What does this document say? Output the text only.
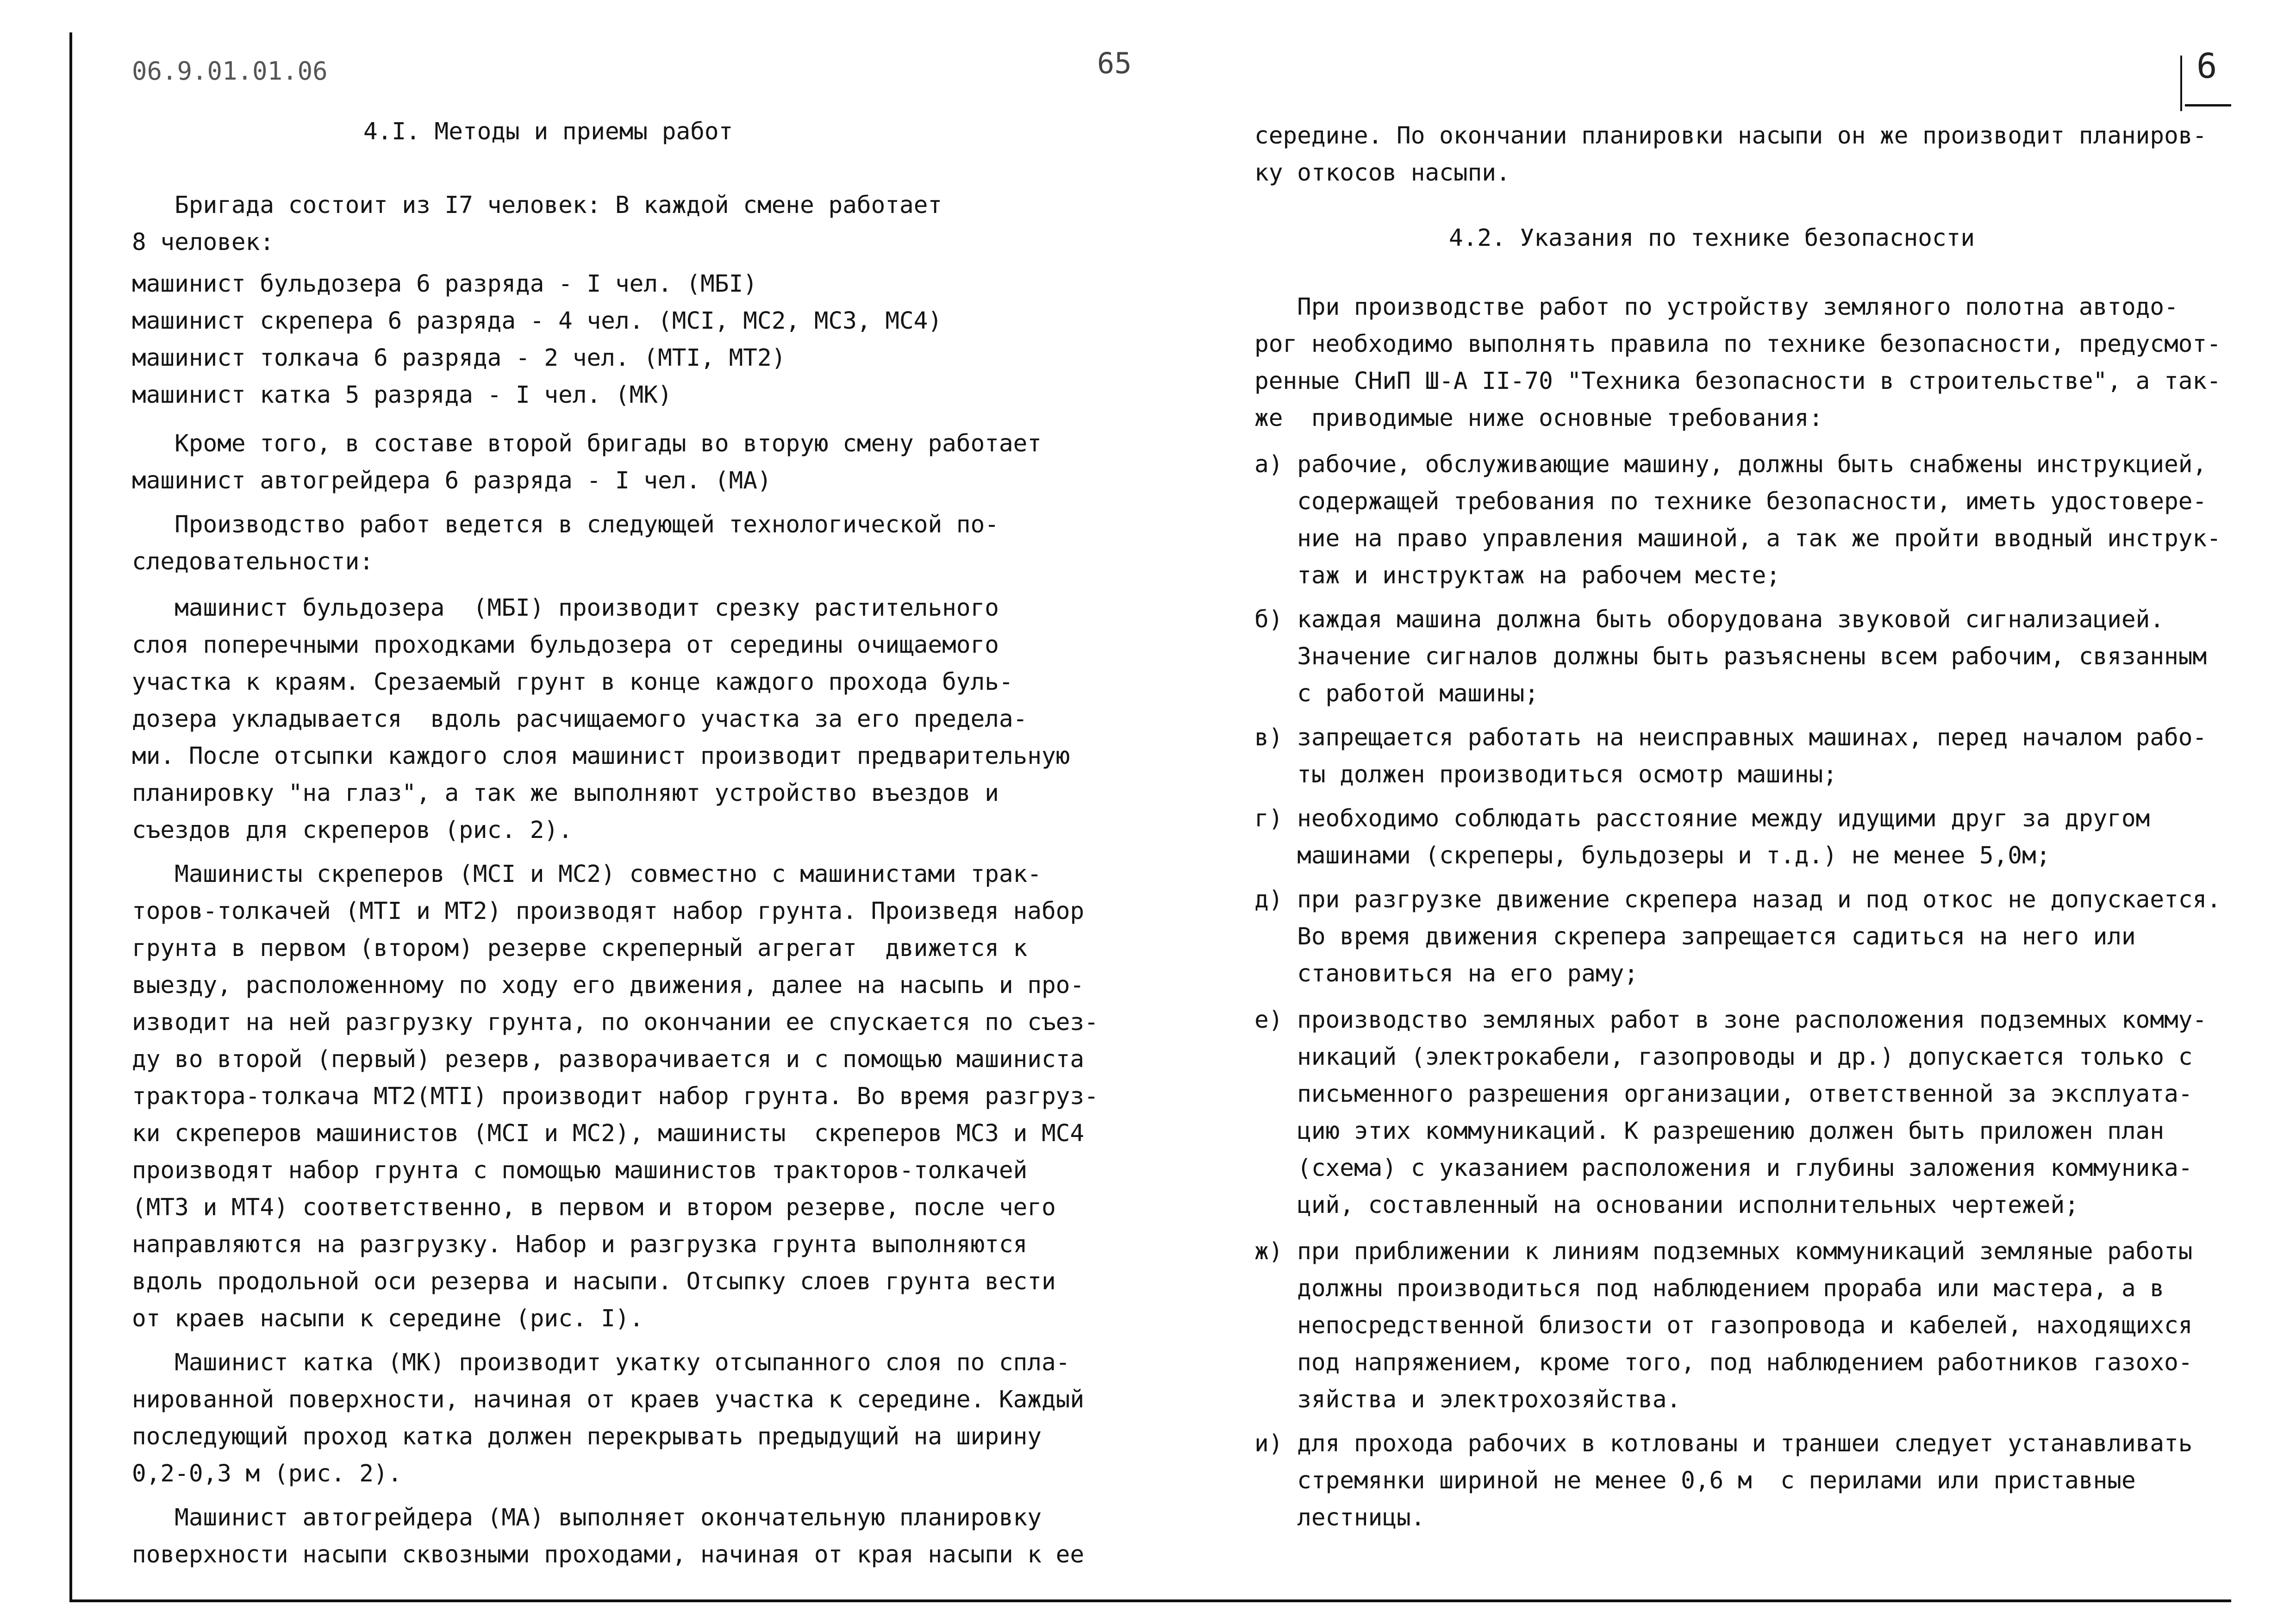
06.9.01.01.06	65	6
4.I. Методы и приемы работ
Бригада состоит из I7 человек: В каждой смене работает
8 человек:
машинист бульдозера 6 разряда - I чел. (МБI)
машинист скрепера 6 разряда - 4 чел. (МСI, МС2, МС3, МС4)
машинист толкача 6 разряда - 2 чел. (МТI, МТ2)
машинист катка 5 разряда - I чел. (МК)
Кроме того, в составе второй бригады во вторую смену работает
машинист автогрейдера 6 разряда - I чел. (МА)
Производство работ ведется в следующей технологической по-
следовательности:
машинист бульдозера  (МБI) производит срезку растительного
слоя поперечными проходками бульдозера от середины очищаемого
участка к краям. Срезаемый грунт в конце каждого прохода буль-
дозера укладывается  вдоль расчищаемого участка за его предела-
ми. После отсыпки каждого слоя машинист производит предварительную
планировку "на глаз", а так же выполняют устройство въездов и
съездов для скреперов (рис. 2).
Машинисты скреперов (МСI и МС2) совместно с машинистами трак-
торов-толкачей (МТI и МТ2) производят набор грунта. Произведя набор
грунта в первом (втором) резерве скреперный агрегат  движется к
выезду, расположенному по ходу его движения, далее на насыпь и про-
изводит на ней разгрузку грунта, по окончании ее спускается по съез-
ду во второй (первый) резерв, разворачивается и с помощью машиниста
трактора-толкача МТ2(МТI) производит набор грунта. Во время разгруз-
ки скреперов машинистов (МСI и МС2), машинисты  скреперов МС3 и МС4
производят набор грунта с помощью машинистов тракторов-толкачей
(МТ3 и МТ4) соответственно, в первом и втором резерве, после чего
направляются на разгрузку. Набор и разгрузка грунта выполняются
вдоль продольной оси резерва и насыпи. Отсыпку слоев грунта вести
от краев насыпи к середине (рис. I).
Машинист катка (МК) производит укатку отсыпанного слоя по спла-
нированной поверхности, начиная от краев участка к середине. Каждый
последующий проход катка должен перекрывать предыдущий на ширину
0,2-0,3 м (рис. 2).
Машинист автогрейдера (МА) выполняет окончательную планировку
поверхности насыпи сквозными проходами, начиная от края насыпи к ее
середине. По окончании планировки насыпи он же производит планиров-
ку откосов насыпи.
4.2. Указания по технике безопасности
При производстве работ по устройству земляного полотна автодо-
рог необходимо выполнять правила по технике безопасности, предусмот-
ренные СНиП Ш-А II-70 "Техника безопасности в строительстве", а так-
же  приводимые ниже основные требования:
а) рабочие, обслуживающие машину, должны быть снабжены инструкцией,
содержащей требования по технике безопасности, иметь удостовере-
ние на право управления машиной, а так же пройти вводный инструк-
таж и инструктаж на рабочем месте;
б) каждая машина должна быть оборудована звуковой сигнализацией.
Значение сигналов должны быть разъяснены всем рабочим, связанным
с работой машины;
в) запрещается работать на неисправных машинах, перед началом рабо-
ты должен производиться осмотр машины;
г) необходимо соблюдать расстояние между идущими друг за другом
машинами (скреперы, бульдозеры и т.д.) не менее 5,0м;
д) при разгрузке движение скрепера назад и под откос не допускается.
Во время движения скрепера запрещается садиться на него или
становиться на его раму;
е) производство земляных работ в зоне расположения подземных комму-
никаций (электрокабели, газопроводы и др.) допускается только с
письменного разрешения организации, ответственной за эксплуата-
цию этих коммуникаций. К разрешению должен быть приложен план
(схема) с указанием расположения и глубины заложения коммуника-
ций, составленный на основании исполнительных чертежей;
ж) при приближении к линиям подземных коммуникаций земляные работы
должны производиться под наблюдением прораба или мастера, а в
непосредственной близости от газопровода и кабелей, находящихся
под напряжением, кроме того, под наблюдением работников газохо-
зяйства и электрохозяйства.
и) для прохода рабочих в котлованы и траншеи следует устанавливать
стремянки шириной не менее 0,6 м  с перилами или приставные
лестницы.
